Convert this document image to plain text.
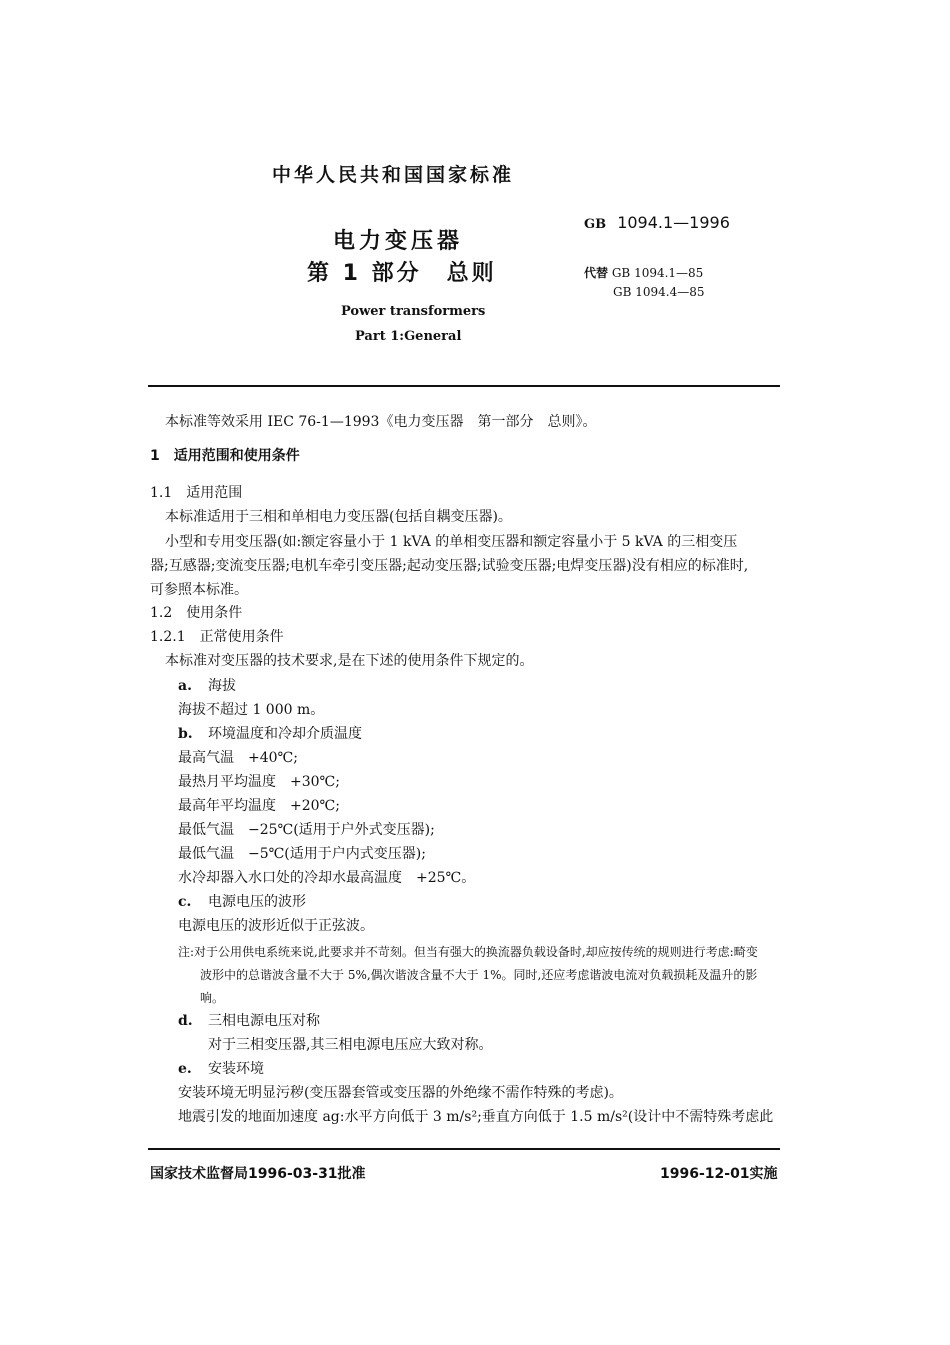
中华人民共和国国家标准
电力变压器
第 1 部分　总则
Power transformers
Part 1:General
GB 1094.1—1996
代替 GB 1094.1—85
GB 1094.4—85
本标准等效采用 IEC 76-1—1993《电力变压器　第一部分　总则》。
1　适用范围和使用条件
1.1　适用范围
本标准适用于三相和单相电力变压器(包括自耦变压器)。
小型和专用变压器(如:额定容量小于 1 kVA 的单相变压器和额定容量小于 5 kVA 的三相变压
器;互感器;变流变压器;电机车牵引变压器;起动变压器;试验变压器;电焊变压器)没有相应的标准时,
可参照本标准。
1.2　使用条件
1.2.1　正常使用条件
本标准对变压器的技术要求,是在下述的使用条件下规定的。
a. 海拔
海拔不超过 1 000 m。
b. 环境温度和冷却介质温度
最高气温　+40℃;
最热月平均温度　+30℃;
最高年平均温度　+20℃;
最低气温　−25℃(适用于户外式变压器);
最低气温　−5℃(适用于户内式变压器);
水冷却器入水口处的冷却水最高温度　+25℃。
c. 电源电压的波形
电源电压的波形近似于正弦波。
注:对于公用供电系统来说,此要求并不苛刻。但当有强大的换流器负载设备时,却应按传统的规则进行考虑:畸变
波形中的总谐波含量不大于 5%,偶次谐波含量不大于 1%。同时,还应考虑谐波电流对负载损耗及温升的影
响。
d. 三相电源电压对称
对于三相变压器,其三相电源电压应大致对称。
e. 安装环境
安装环境无明显污秽(变压器套管或变压器的外绝缘不需作特殊的考虑)。
地震引发的地面加速度 ag:水平方向低于 3 m/s²;垂直方向低于 1.5 m/s²(设计中不需特殊考虑此
国家技术监督局1996-03-31批准	1996-12-01实施
